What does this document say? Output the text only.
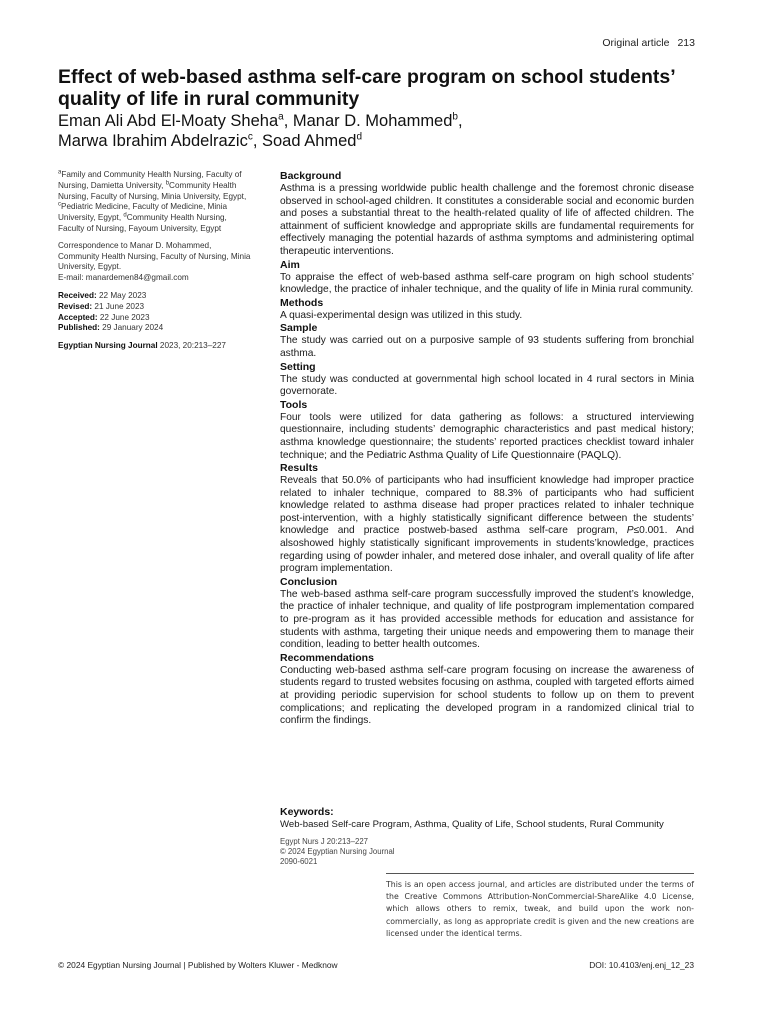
Original article 213
Effect of web-based asthma self-care program on school students’ quality of life in rural community
Eman Ali Abd El-Moaty Sheha$^a$, Manar D. Mohammed$^b$,
Marwa Ibrahim Abdelrazic$^c$, Soad Ahmed$^d$

$^a$Family and Community Health Nursing, Faculty of Nursing, Damietta University, $^b$Community Health Nursing, Faculty of Nursing, Minia University, Egypt, $^c$Pediatric Medicine, Faculty of Medicine, Minia University, Egypt, $^d$Community Health Nursing, Faculty of Nursing, Fayoum University, Egypt

Correspondence to Manar D. Mohammed, Community Health Nursing, Faculty of Nursing, Minia University, Egypt.
E-mail: manardemen84@gmail.com

Received: 22 May 2023
Revised: 21 June 2023
Accepted: 22 June 2023
Published: 29 January 2024

Egyptian Nursing Journal 2023, 20:213–227

Background

Asthma is a pressing worldwide public health challenge and the foremost chronic disease observed in school-aged children. It constitutes a considerable social and economic burden and poses a substantial threat to the health-related quality of life of affected children. The attainment of sufficient knowledge and appropriate skills are fundamental requirements for effectively managing the potential hazards of asthma symptoms and administering optimal therapeutic interventions.

Aim

To appraise the effect of web-based asthma self-care program on high school students’ knowledge, the practice of inhaler technique, and the quality of life in Minia rural community.

Methods

A quasi-experimental design was utilized in this study.

Sample

The study was carried out on a purposive sample of 93 students suffering from bronchial asthma.

Setting

The study was conducted at governmental high school located in 4 rural sectors in Minia governorate.

Tools

Four tools were utilized for data gathering as follows: a structured interviewing questionnaire, including students’ demographic characteristics and past medical history; asthma knowledge questionnaire; the students’ reported practices checklist toward inhaler technique; and the Pediatric Asthma Quality of Life Questionnaire (PAQLQ).

Results

Reveals that 50.0% of participants who had insufficient knowledge had improper practice related to inhaler technique, compared to 88.3% of participants who had sufficient knowledge related to asthma disease had proper practices related to inhaler technique post-intervention, with a highly statistically significant difference between the students’ knowledge and practice postweb-based asthma self-care program, P≤0.001. And alsoshowed highly statistically significant improvements in students’knowledge, practices regarding using of powder inhaler, and metered dose inhaler, and overall quality of life after program implementation.

Conclusion

The web-based asthma self-care program successfully improved the student’s knowledge, the practice of inhaler technique, and quality of life postprogram implementation compared to pre-program as it has provided accessible methods for education and assistance for students with asthma, targeting their unique needs and empowering them to manage their condition, leading to better health outcomes.

Recommendations

Conducting web-based asthma self-care program focusing on increase the awareness of students regard to trusted websites focusing on asthma, coupled with targeted efforts aimed at providing periodic supervision for school students to follow up on them to prevent complications; and replicating the developed program in a randomized clinical trial to confirm the findings.

Keywords:

Web-based Self-care Program, Asthma, Quality of Life, School students, Rural Community

Egypt Nurs J 20:213–227

© 2024 Egyptian Nursing Journal

2090-6021

This is an open access journal, and articles are distributed under the terms of the Creative Commons Attribution-NonCommercial-ShareAlike 4.0 License, which allows others to remix, tweak, and build upon the work non-commercially, as long as appropriate credit is given and the new creations are licensed under the identical terms.
© 2024 Egyptian Nursing Journal | Published by Wolters Kluwer - Medknow	DOI: 10.4103/enj.enj_12_23
